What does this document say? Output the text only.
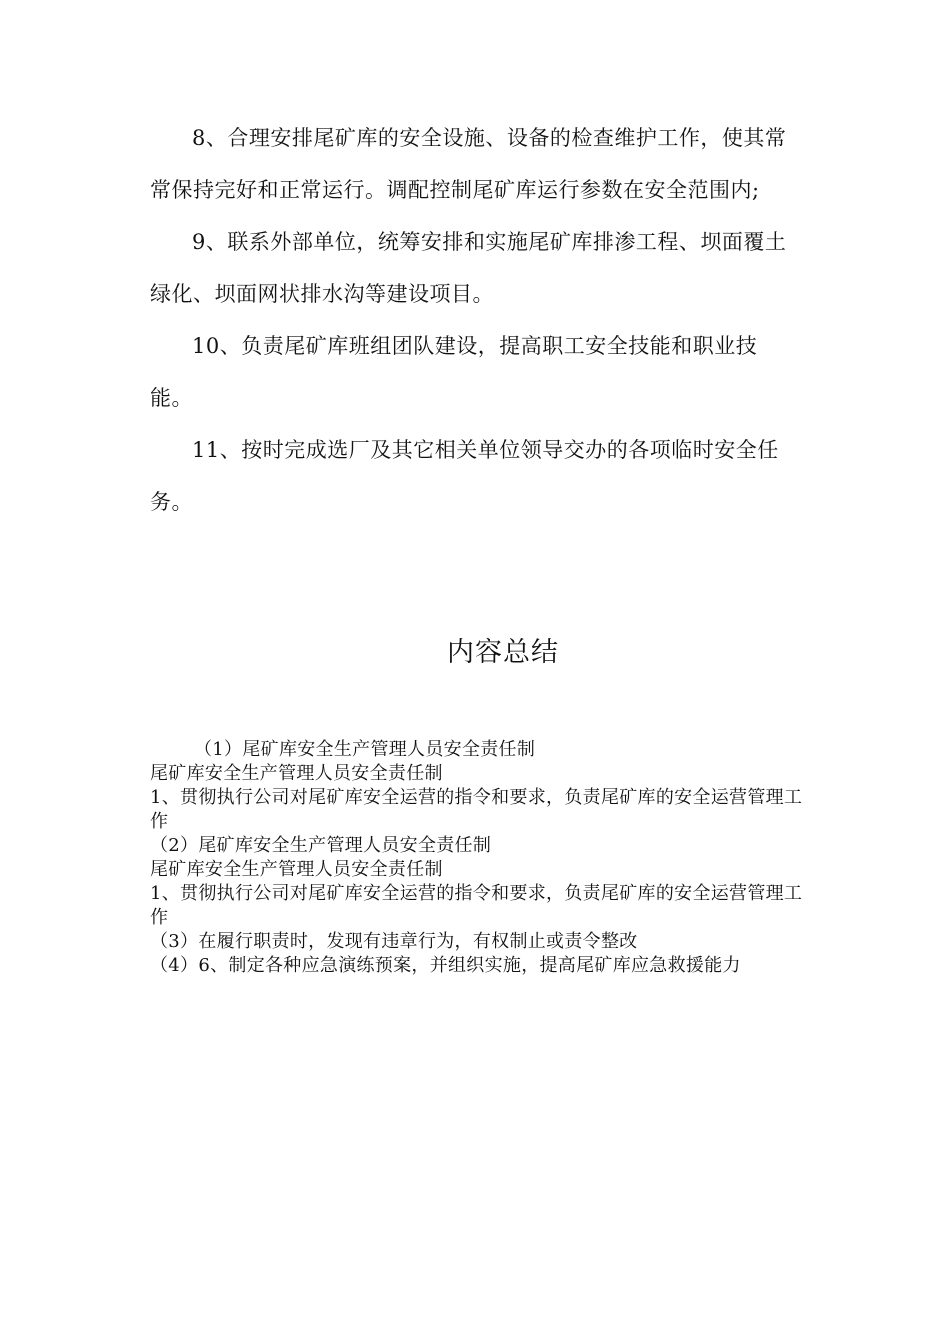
8、合理安排尾矿库的安全设施、设备的检查维护工作，使其常常保持完好和正常运行。调配控制尾矿库运行参数在安全范围内;

9、联系外部单位，统筹安排和实施尾矿库排渗工程、坝面覆土绿化、坝面网状排水沟等建设项目。

10、负责尾矿库班组团队建设，提高职工安全技能和职业技能。

11、按时完成选厂及其它相关单位领导交办的各项临时安全任务。

内容总结

（1）尾矿库安全生产管理人员安全责任制

尾矿库安全生产管理人员安全责任制

1、贯彻执行公司对尾矿库安全运营的指令和要求，负责尾矿库的安全运营管理工作

（2）尾矿库安全生产管理人员安全责任制

尾矿库安全生产管理人员安全责任制

1、贯彻执行公司对尾矿库安全运营的指令和要求，负责尾矿库的安全运营管理工作

（3）在履行职责时，发现有违章行为，有权制止或责令整改

（4）6、制定各种应急演练预案，并组织实施，提高尾矿库应急救援能力
